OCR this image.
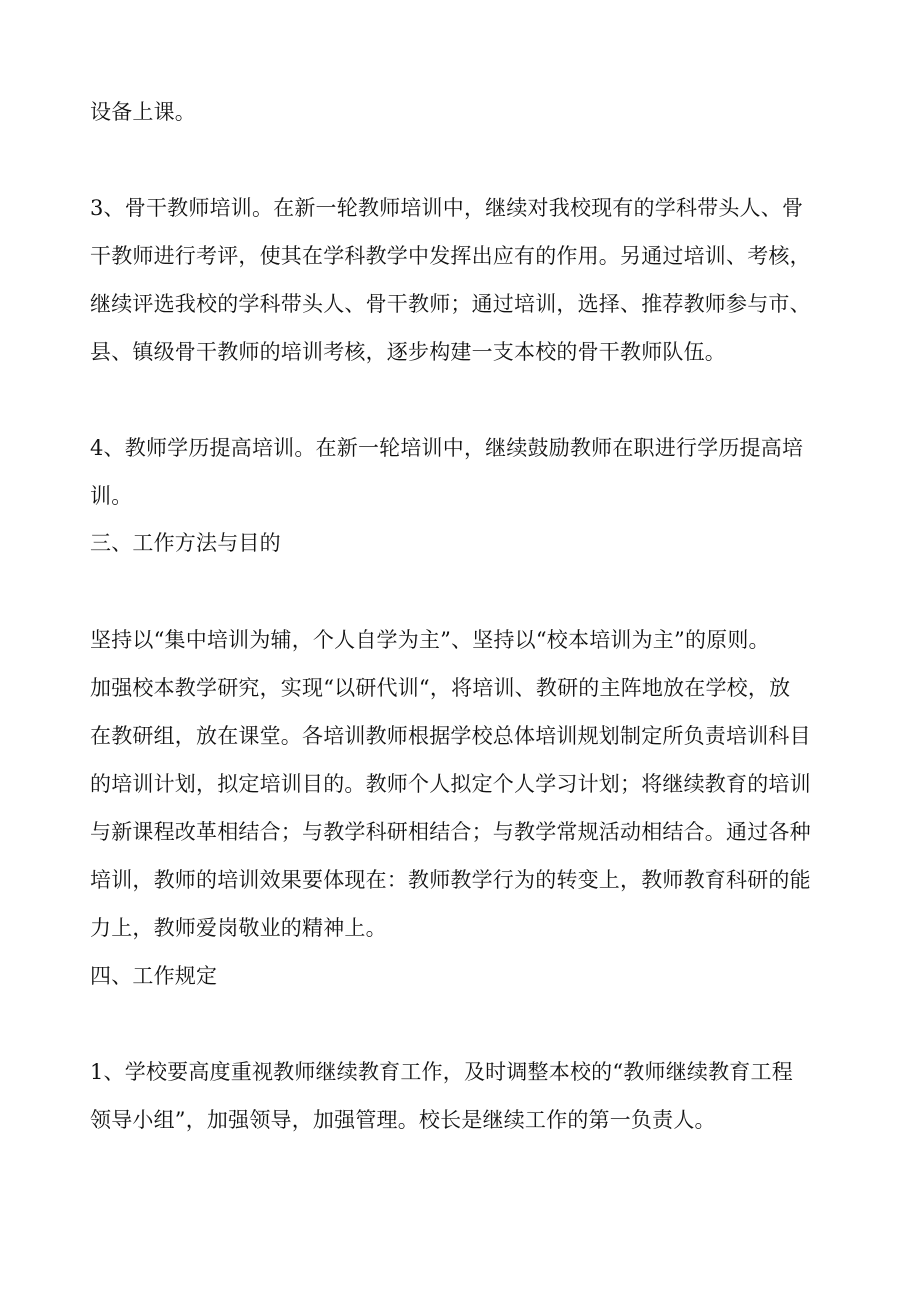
设备上课。
3、骨干教师培训。在新一轮教师培训中，继续对我校现有的学科带头人、骨
干教师进行考评，使其在学科教学中发挥出应有的作用。另通过培训、考核，
继续评选我校的学科带头人、骨干教师；通过培训，选择、推荐教师参与市、
县、镇级骨干教师的培训考核，逐步构建一支本校的骨干教师队伍。
4、教师学历提高培训。在新一轮培训中，继续鼓励教师在职进行学历提高培
训。
三、工作方法与目的
坚持以“集中培训为辅，个人自学为主”、坚持以“校本培训为主”的原则。
加强校本教学研究，实现“以研代训“，将培训、教研的主阵地放在学校，放
在教研组，放在课堂。各培训教师根据学校总体培训规划制定所负责培训科目
的培训计划，拟定培训目的。教师个人拟定个人学习计划；将继续教育的培训
与新课程改革相结合；与教学科研相结合；与教学常规活动相结合。通过各种
培训，教师的培训效果要体现在：教师教学行为的转变上，教师教育科研的能
力上，教师爱岗敬业的精神上。
四、工作规定
1、学校要高度重视教师继续教育工作，及时调整本校的“教师继续教育工程
领导小组”，加强领导，加强管理。校长是继续工作的第一负责人。
